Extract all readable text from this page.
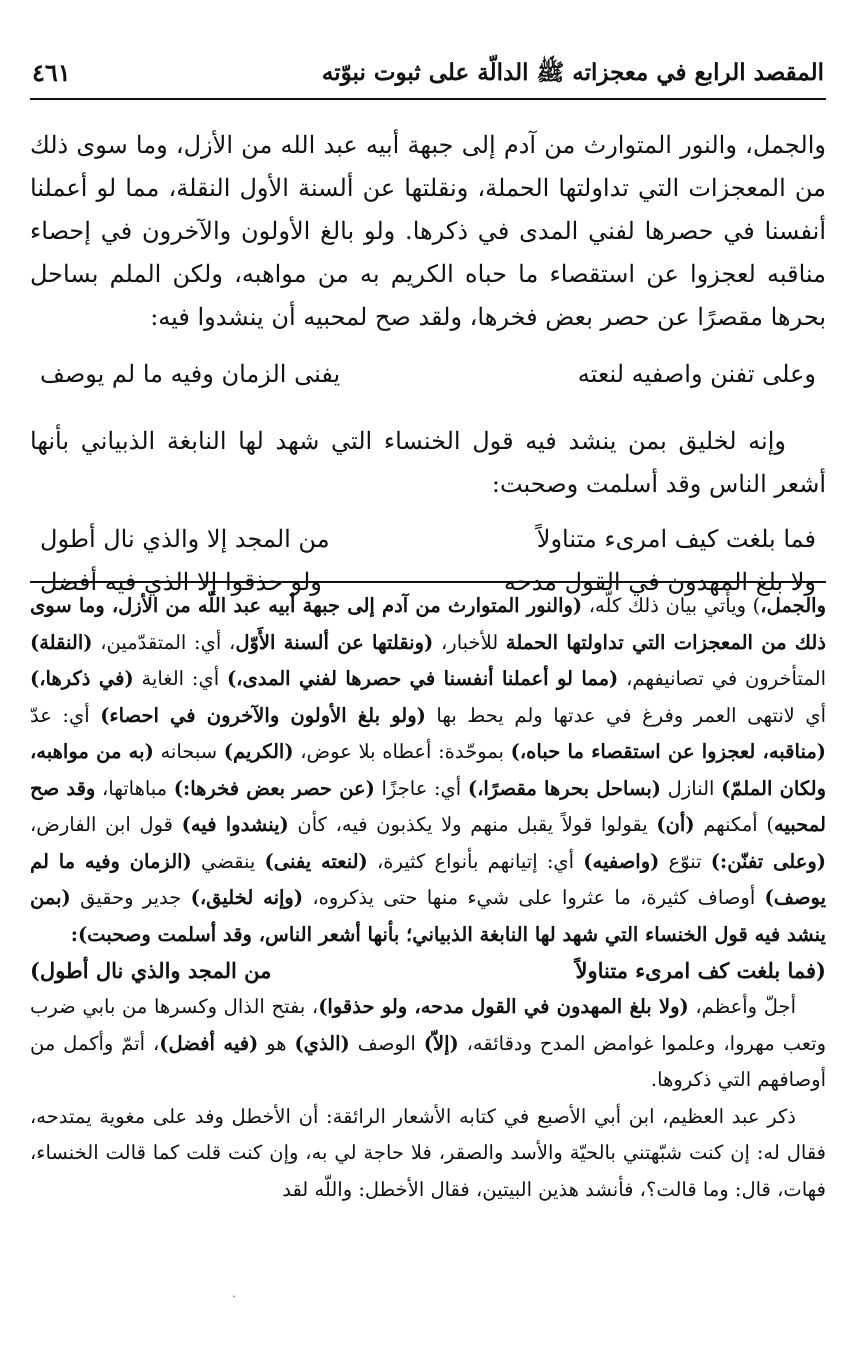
المقصد الرابع في معجزاته ﷺ الدالّة على ثبوت نبوّته
٤٦١
والجمل، والنور المتوارث من آدم إلى جبهة أبيه عبد الله من الأزل، وما سوى ذلك من المعجزات التي تداولتها الحملة، ونقلتها عن ألسنة الأول النقلة، مما لو أعملنا أنفسنا في حصرها لفني المدى في ذكرها. ولو بالغ الأولون والآخرون في إحصاء مناقبه لعجزوا عن استقصاء ما حباه الكريم به من مواهبه، ولكن الملم بساحل بحرها مقصرًا عن حصر بعض فخرها، ولقد صح لمحبيه أن ينشدوا فيه:
وعلى تفنن واصفيه لنعته
يفنى الزمان وفيه ما لم يوصف
وإنه لخليق بمن ينشد فيه قول الخنساء التي شهد لها النابغة الذبياني بأنها أشعر الناس وقد أسلمت وصحبت:
فما بلغت كيف امرىء متناولاً
من المجد إلا والذي نال أطول
ولا بلغ المهدون في القول مدحه
ولو حذقوا إلا الذي فيه أفضل

والجمل،) ويأتي بيان ذلك كلّه، (والنور المتوارث من آدم إلى جبهة أبيه عبد اللّه من الأزل، وما سوى ذلك من المعجزات التي تداولتها الحملة للأخبار، (ونقلتها عن ألسنة الأَوّل، أي: المتقدّمين، (النقلة) المتأخرون في تصانيفهم، (مما لو أعملنا أنفسنا في حصرها لفني المدى،) أي: الغاية (في ذكرها،) أي لانتهى العمر وفرغ في عدتها ولم يحط بها (ولو بلغ الأولون والآخرون في احصاء) أي: عدّ (مناقبه، لعجزوا عن استقصاء ما حباه،) بموحّدة: أعطاه بلا عوض، (الكريم) سبحانه (به من مواهبه، ولكان الملمّ) النازل (بساحل بحرها مقصرًا،) أي: عاجزًا (عن حصر بعض فخرها:) مباهاتها، وقد صح لمحبيه) أمكنهم (أن) يقولوا قولاً يقبل منهم ولا يكذبون فيه، كأن (ينشدوا فيه) قول ابن الفارض، (وعلى تفنّن:) تنوّع (واصفيه) أي: إتيانهم بأنواع كثيرة، (لنعته يفنى) ينقضي (الزمان وفيه ما لم يوصف) أوصاف كثيرة، ما عثروا على شيء منها حتى يذكروه، (وإنه لخليق،) جدير وحقيق (بمن ينشد فيه قول الخنساء التي شهد لها النابغة الذبياني؛ بأنها أشعر الناس، وقد أسلمت وصحبت):

(فما بلغت كف امرىء متناولاً
من المجد والذي نال أطول)

أجلّ وأعظم، (ولا بلغ المهدون في القول مدحه، ولو حذقوا)، بفتح الذال وكسرها من بابي ضرب وتعب مهروا، وعلموا غوامض المدح ودقائقه، (إلاّ) الوصف (الذي) هو (فيه أفضل)، أتمّ وأكمل من أوصافهم التي ذكروها.

ذكر عبد العظيم، ابن أبي الأصبع في كتابه الأشعار الرائقة: أن الأخطل وفد على مغوية يمتدحه، فقال له: إن كنت شبّهتني بالحيّة والأسد والصقر، فلا حاجة لي به، وإن كنت قلت كما قالت الخنساء، فهات، قال: وما قالت؟، فأنشد هذين البيتين، فقال الأخطل: واللّه لقد

ˎ
